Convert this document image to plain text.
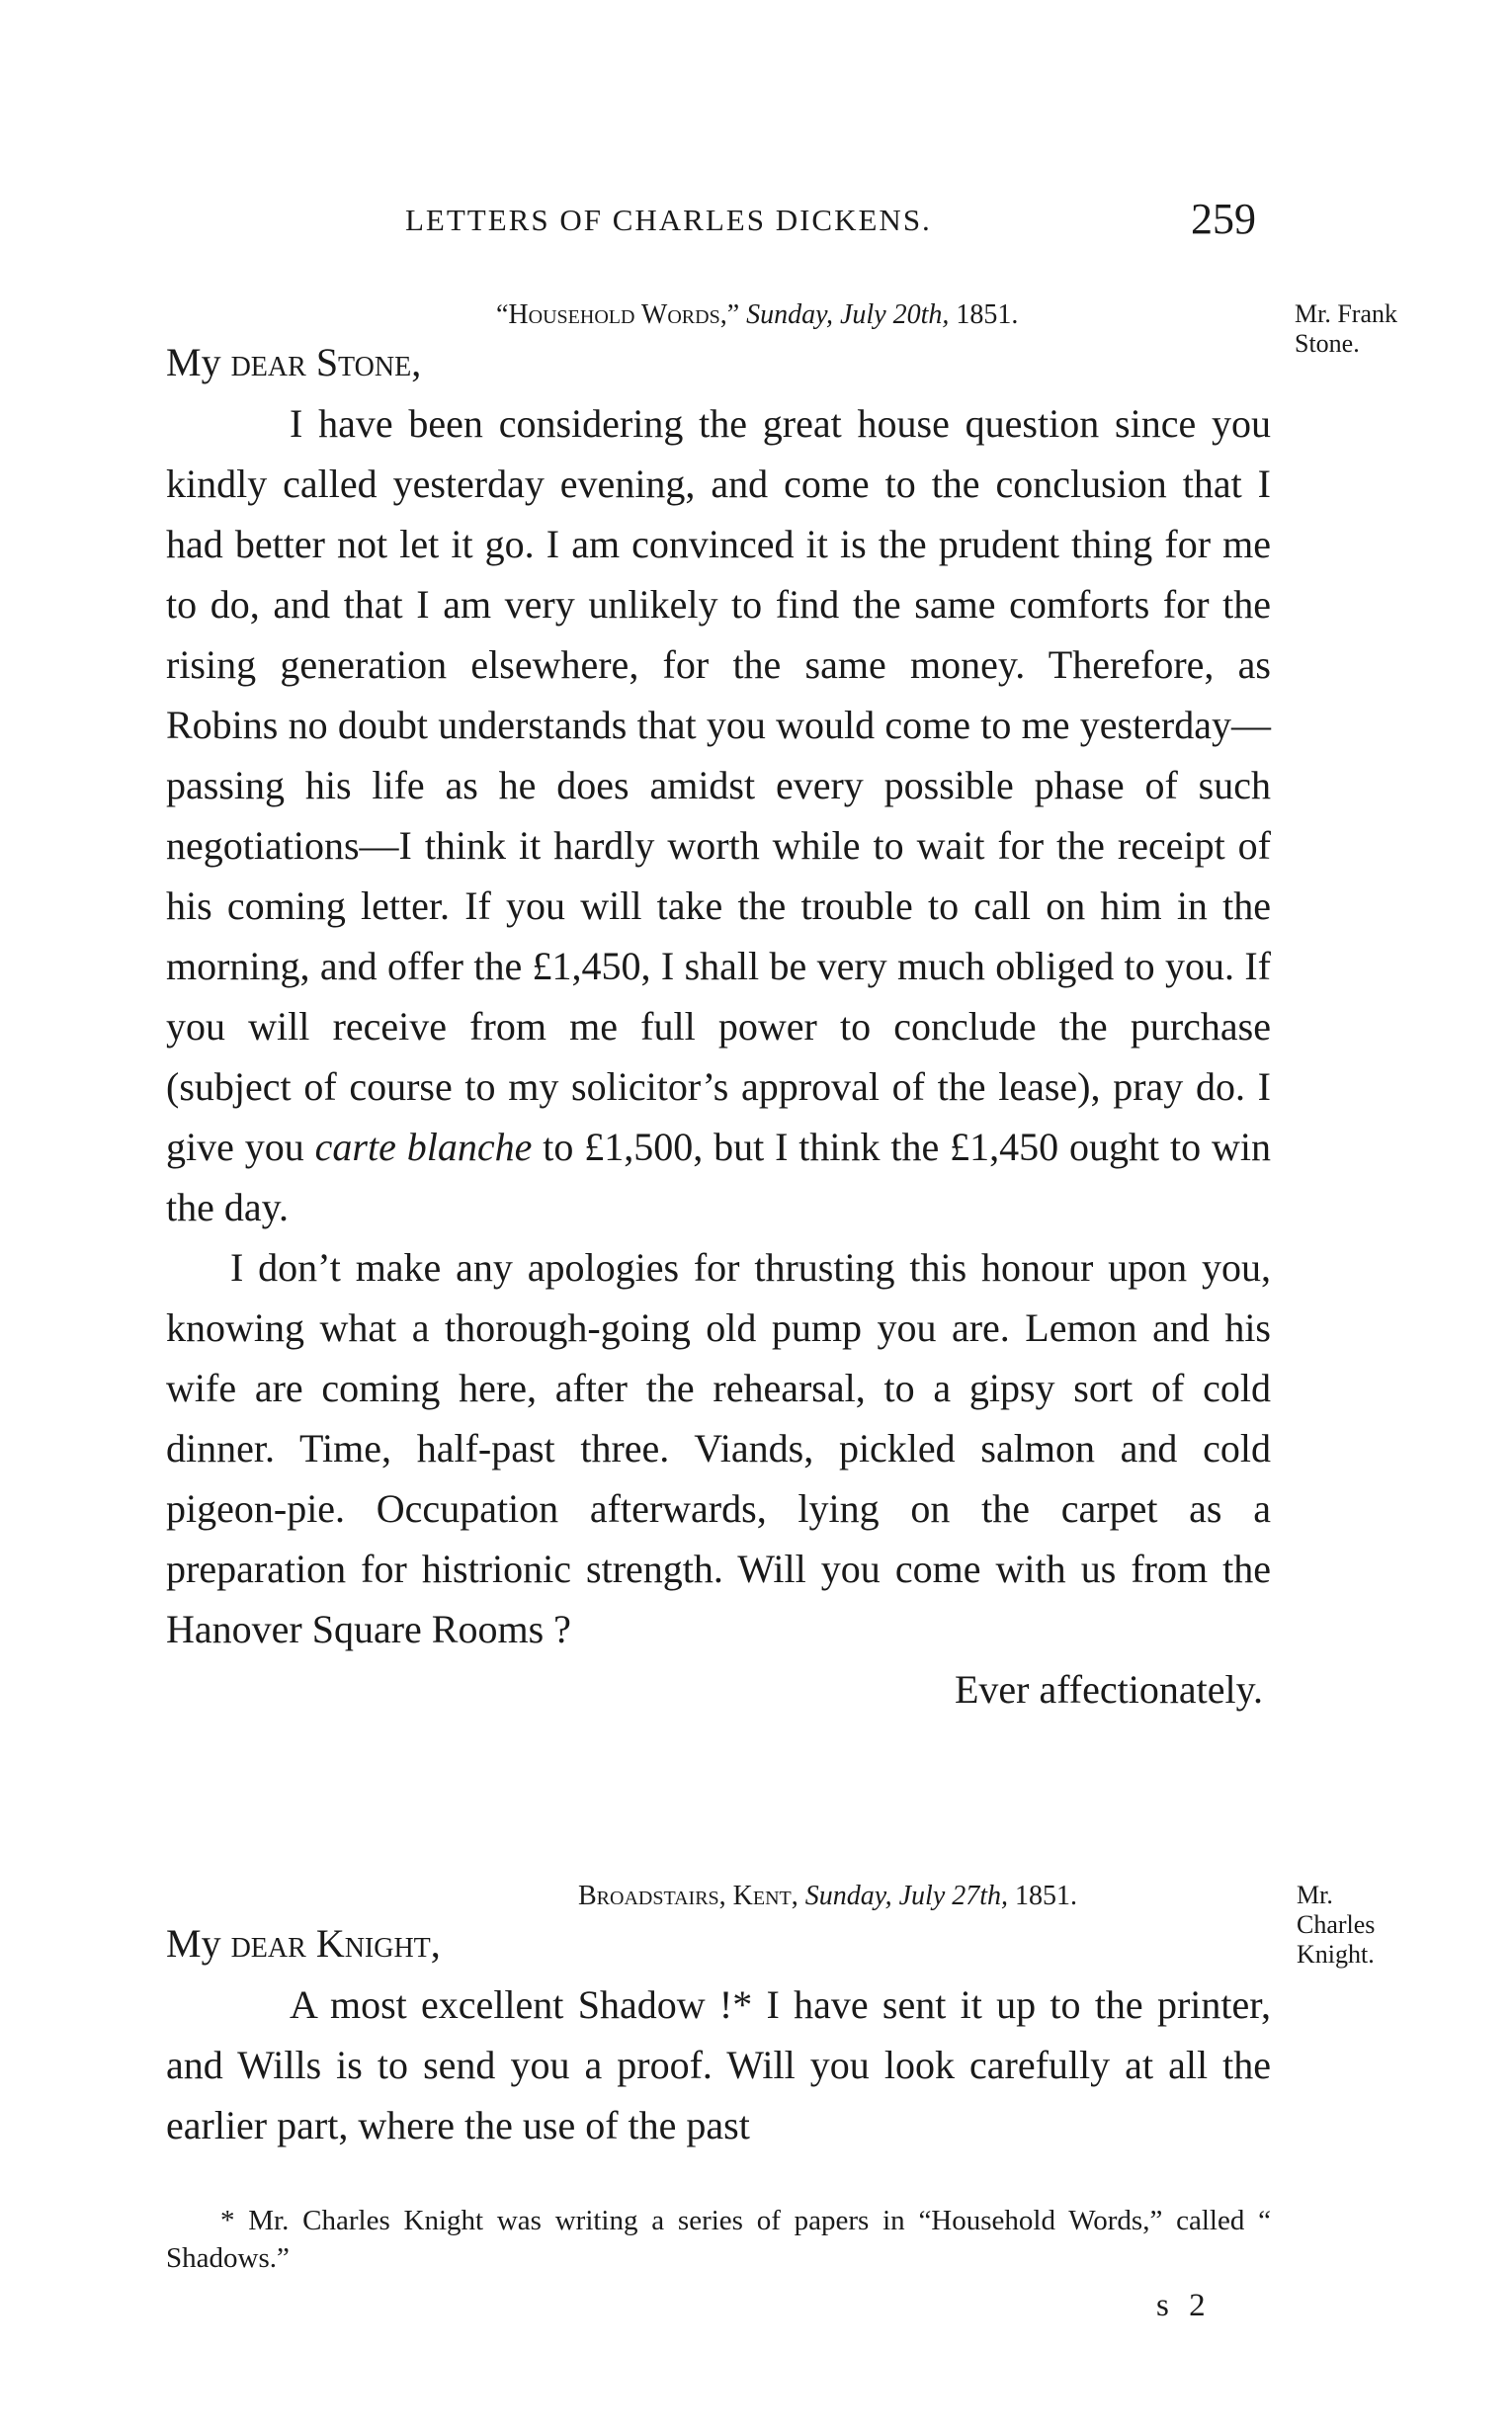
LETTERS OF CHARLES DICKENS.	259
“Household Words,” Sunday, July 20th, 1851.	Mr. Frank
Stone.
My dear Stone,

I have been considering the great house question since you kindly called yesterday evening, and come to the conclusion that I had better not let it go. I am convinced it is the prudent thing for me to do, and that I am very unlikely to find the same comforts for the rising generation elsewhere, for the same money. Therefore, as Robins no doubt understands that you would come to me yesterday—passing his life as he does amidst every possible phase of such negotiations—I think it hardly worth while to wait for the receipt of his coming letter. If you will take the trouble to call on him in the morning, and offer the £1,450, I shall be very much obliged to you. If you will receive from me full power to conclude the purchase (subject of course to my solicitor’s approval of the lease), pray do. I give you carte blanche to £1,500, but I think the £1,450 ought to win the day.

I don’t make any apologies for thrusting this honour upon you, knowing what a thorough-going old pump you are. Lemon and his wife are coming here, after the rehearsal, to a gipsy sort of cold dinner. Time, half-past three. Viands, pickled salmon and cold pigeon-pie. Occupation afterwards, lying on the carpet as a preparation for histrionic strength. Will you come with us from the Hanover Square Rooms ?

Ever affectionately.
Broadstairs, Kent, Sunday, July 27th, 1851.	Mr.
Charles
Knight.
My dear Knight,

A most excellent Shadow !* I have sent it up to the printer, and Wills is to send you a proof. Will you look carefully at all the earlier part, where the use of the past

* Mr. Charles Knight was writing a series of papers in “Household Words,” called “ Shadows.”
s 2
